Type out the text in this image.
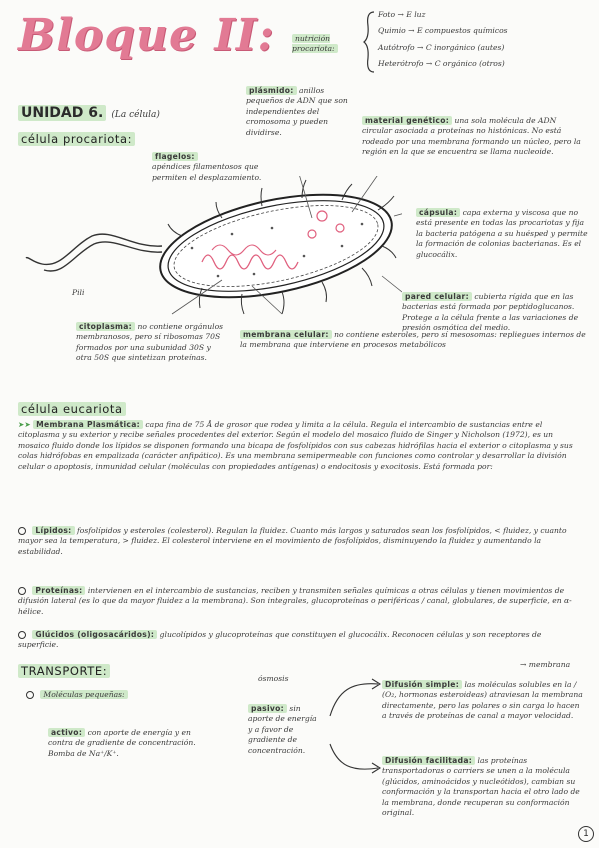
Bloque II:	nutrición procariota:
Foto → E luz
Quimio → E compuestos químicos
Autótrofo → C inorgánico (autes)
Heterótrofo → C orgánico (otros)
UNIDAD 6. (La célula)
célula procariota:
plásmido: anillos pequeños de ADN que son independientes del cromosoma y pueden dividirse.
material genético: una sola molécula de ADN circular asociada a proteínas no histónicas. No está rodeado por una membrana formando un núcleo, pero la región en la que se encuentra se llama nucleoide.
flagelos:
apéndices filamentosos que permiten el desplazamiento.
cápsula: capa externa y viscosa que no está presente en todas las procariotas y fija la bacteria patógena a su huésped y permite la formación de colonias bacterianas. Es el glucocálix.
pared celular: cubierta rígida que en las bacterias está formada por peptidoglucanos. Protege a la célula frente a las variaciones de presión osmótica del medio.
Pili
citoplasma: no contiene orgánulos membranosos, pero sí ribosomas 70S formados por una subunidad 30S y otra 50S que sintetizan proteínas.
membrana celular: no contiene esteroles, pero sí mesosomas: repliegues internos de la membrana que interviene en procesos metabólicos
célula eucariota
➤➤ Membrana Plasmática: capa fina de 75 Å de grosor que rodea y limita a la célula. Regula el intercambio de sustancias entre el citoplasma y su exterior y recibe señales procedentes del exterior. Según el modelo del mosaico fluido de Singer y Nicholson (1972), es un mosaico fluido donde los lípidos se disponen formando una bicapa de fosfolípidos con sus cabezas hidrófilas hacia el exterior o citoplasma y sus colas hidrófobas en empalizada (carácter anfipático). Es una membrana semipermeable con funciones como controlar y desarrollar la división celular o apoptosis, inmunidad celular (moléculas con propiedades antígenas) o endocitosis y exocitosis. Está formada por:
Lípidos: fosfolípidos y esteroles (colesterol). Regulan la fluidez. Cuanto más largos y saturados sean los fosfolípidos, < fluidez, y cuanto mayor sea la temperatura, > fluidez. El colesterol interviene en el movimiento de fosfolípidos, disminuyendo la fluidez y aumentando la estabilidad.
Proteínas: intervienen en el intercambio de sustancias, reciben y transmiten señales químicas a otras células y tienen movimientos de difusión lateral (es lo que da mayor fluidez a la membrana). Son integrales, glucoproteínas o periféricas / canal, globulares, de superficie, en α-hélice.
Glúcidos (oligosacáridos): glucolípidos y glucoproteínas que constituyen el glucocálix. Reconocen células y son receptores de superficie.
TRANSPORTE:	→ membrana
Moléculas pequeñas:
ósmosis
activo: con aporte de energía y en contra de gradiente de concentración. Bomba de Na⁺/K⁺.
pasivo: sin aporte de energía y a favor de gradiente de concentración.
Difusión simple: las moléculas solubles en la / (O₂, hormonas esteroideas) atraviesan la membrana directamente, pero las polares o sin carga lo hacen a través de proteínas de canal a mayor velocidad.
Difusión facilitada: las proteínas transportadoras o carriers se unen a la molécula (glúcidos, aminoácidos y nucleótidos), cambian su conformación y la transportan hacia el otro lado de la membrana, donde recuperan su conformación original.
1
